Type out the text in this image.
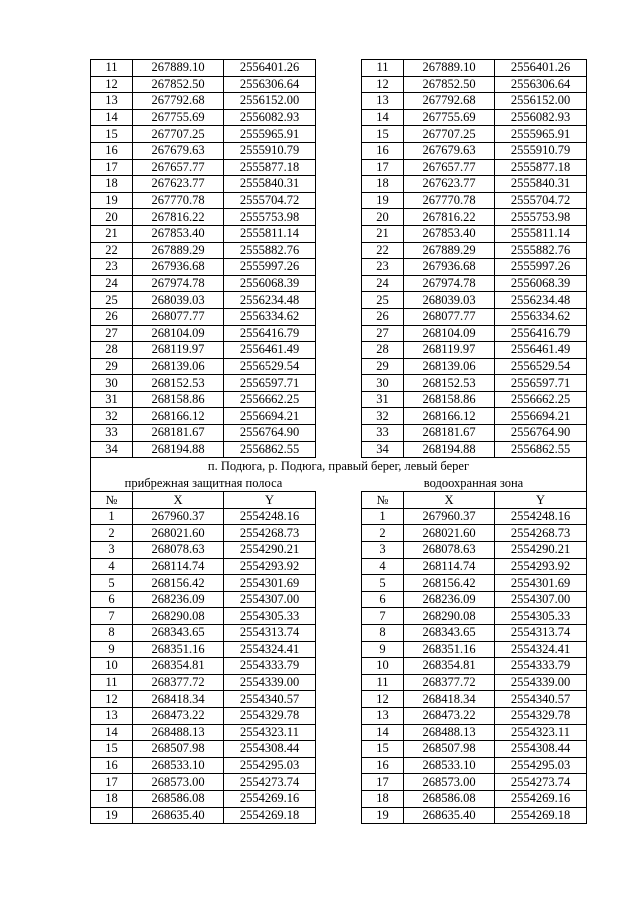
11	267889.10	2556401.26
12	267852.50	2556306.64
13	267792.68	2556152.00
14	267755.69	2556082.93
15	267707.25	2555965.91
16	267679.63	2555910.79
17	267657.77	2555877.18
18	267623.77	2555840.31
19	267770.78	2555704.72
20	267816.22	2555753.98
21	267853.40	2555811.14
22	267889.29	2555882.76
23	267936.68	2555997.26
24	267974.78	2556068.39
25	268039.03	2556234.48
26	268077.77	2556334.62
27	268104.09	2556416.79
28	268119.97	2556461.49
29	268139.06	2556529.54
30	268152.53	2556597.71
31	268158.86	2556662.25
32	268166.12	2556694.21
33	268181.67	2556764.90
34	268194.88	2556862.55
11	267889.10	2556401.26
12	267852.50	2556306.64
13	267792.68	2556152.00
14	267755.69	2556082.93
15	267707.25	2555965.91
16	267679.63	2555910.79
17	267657.77	2555877.18
18	267623.77	2555840.31
19	267770.78	2555704.72
20	267816.22	2555753.98
21	267853.40	2555811.14
22	267889.29	2555882.76
23	267936.68	2555997.26
24	267974.78	2556068.39
25	268039.03	2556234.48
26	268077.77	2556334.62
27	268104.09	2556416.79
28	268119.97	2556461.49
29	268139.06	2556529.54
30	268152.53	2556597.71
31	268158.86	2556662.25
32	268166.12	2556694.21
33	268181.67	2556764.90
34	268194.88	2556862.55
п. Подюга, р. Подюга, правый берег, левый берег
прибрежная защитная полоса	водоохранная зона
№	X	Y
1	267960.37	2554248.16
2	268021.60	2554268.73
3	268078.63	2554290.21
4	268114.74	2554293.92
5	268156.42	2554301.69
6	268236.09	2554307.00
7	268290.08	2554305.33
8	268343.65	2554313.74
9	268351.16	2554324.41
10	268354.81	2554333.79
11	268377.72	2554339.00
12	268418.34	2554340.57
13	268473.22	2554329.78
14	268488.13	2554323.11
15	268507.98	2554308.44
16	268533.10	2554295.03
17	268573.00	2554273.74
18	268586.08	2554269.16
19	268635.40	2554269.18
№	X	Y
1	267960.37	2554248.16
2	268021.60	2554268.73
3	268078.63	2554290.21
4	268114.74	2554293.92
5	268156.42	2554301.69
6	268236.09	2554307.00
7	268290.08	2554305.33
8	268343.65	2554313.74
9	268351.16	2554324.41
10	268354.81	2554333.79
11	268377.72	2554339.00
12	268418.34	2554340.57
13	268473.22	2554329.78
14	268488.13	2554323.11
15	268507.98	2554308.44
16	268533.10	2554295.03
17	268573.00	2554273.74
18	268586.08	2554269.16
19	268635.40	2554269.18
